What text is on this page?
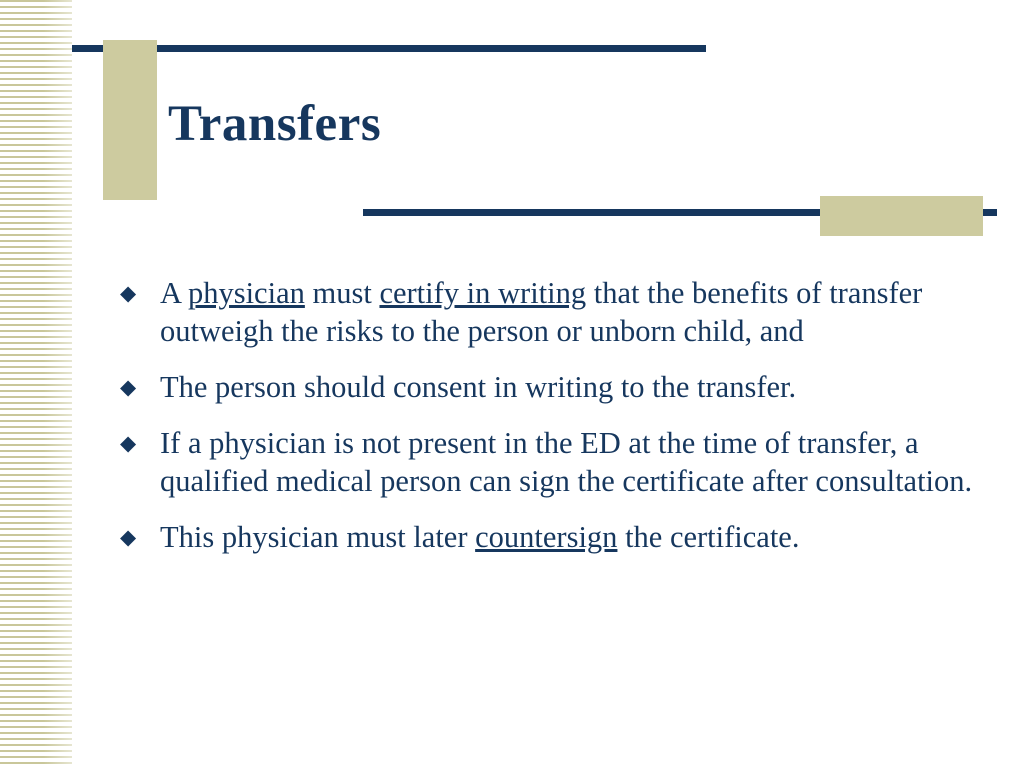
Transfers
◆ A physician must certify in writing that the benefits of transfer outweigh the risks to the person or unborn child, and
◆ The person should consent in writing to the transfer.
◆ If a physician is not present in the ED at the time of transfer, a qualified medical person can sign the certificate after consultation.
◆ This physician must later countersign the certificate.
